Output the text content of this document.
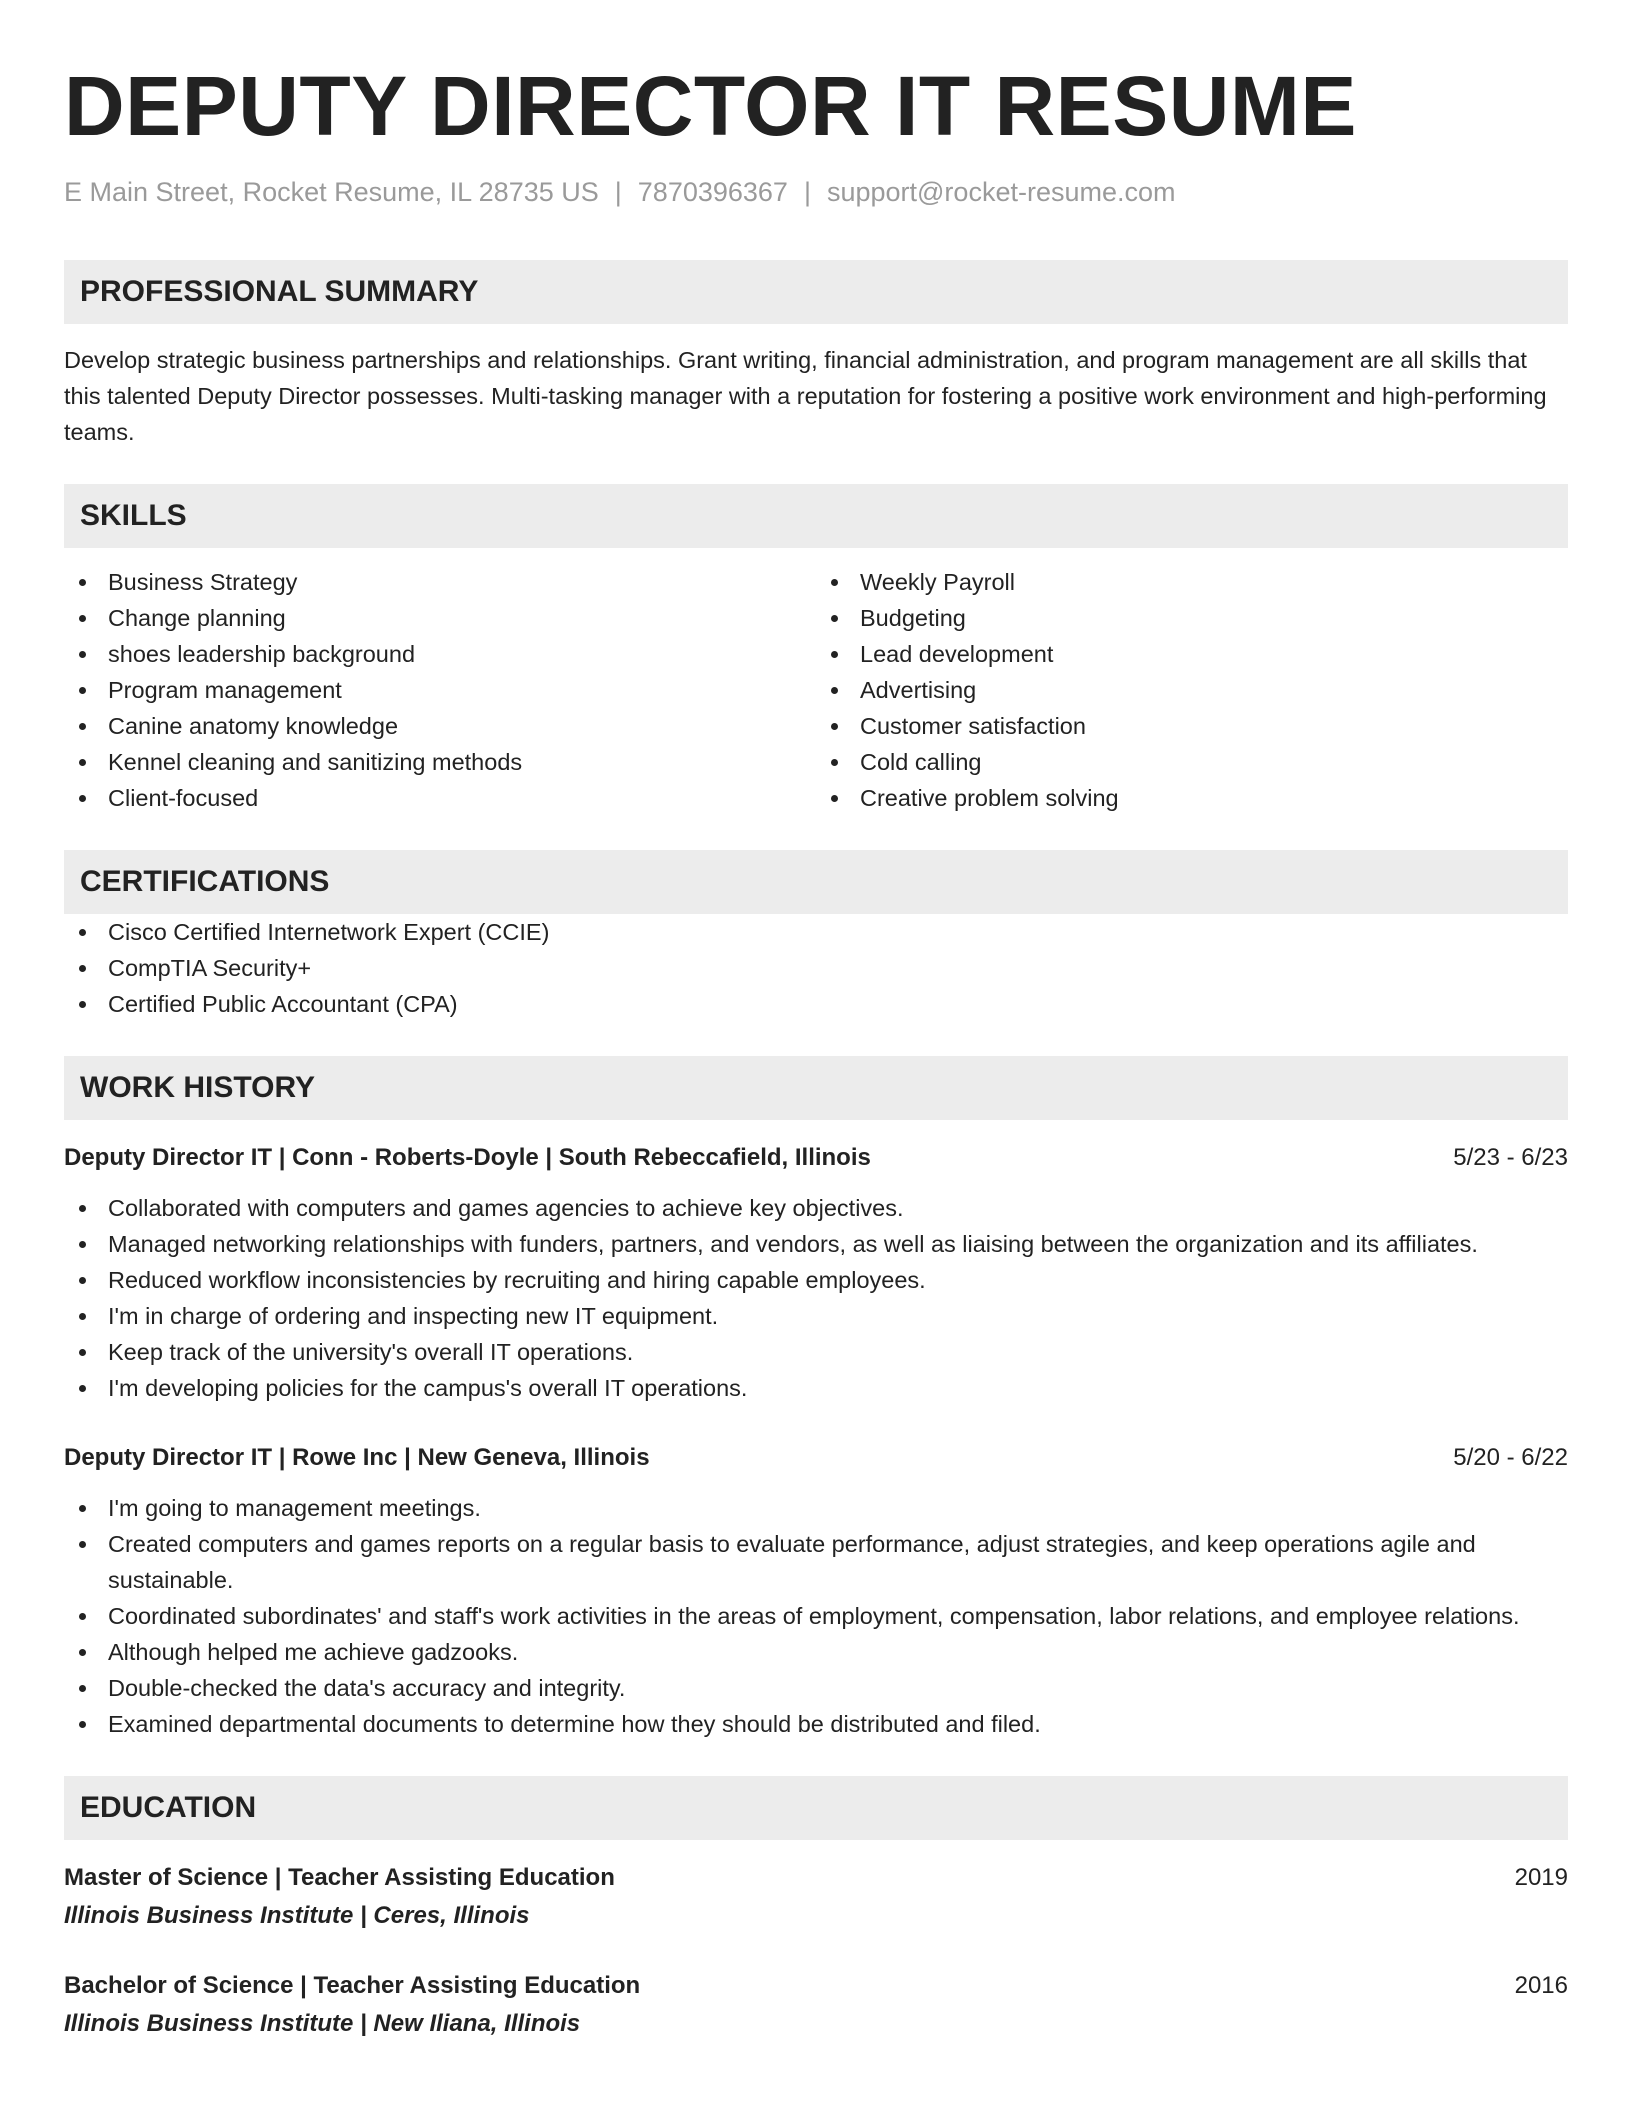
DEPUTY DIRECTOR IT RESUME
E Main Street, Rocket Resume, IL 28735 US | 7870396367 | support@rocket-resume.com
PROFESSIONAL SUMMARY

Develop strategic business partnerships and relationships. Grant writing, financial administration, and program management are all skills that this talented Deputy Director possesses. Multi-tasking manager with a reputation for fostering a positive work environment and high-performing teams.

SKILLS
Business Strategy
Change planning
shoes leadership background
Program management
Canine anatomy knowledge
Kennel cleaning and sanitizing methods
Client-focused
Weekly Payroll
Budgeting
Lead development
Advertising
Customer satisfaction
Cold calling
Creative problem solving
CERTIFICATIONS
Cisco Certified Internetwork Expert (CCIE)
CompTIA Security+
Certified Public Accountant (CPA)
WORK HISTORY
Deputy Director IT | Conn - Roberts-Doyle | South Rebeccafield, Illinois	5/23 - 6/23
Collaborated with computers and games agencies to achieve key objectives.
Managed networking relationships with funders, partners, and vendors, as well as liaising between the organization and its affiliates.
Reduced workflow inconsistencies by recruiting and hiring capable employees.
I'm in charge of ordering and inspecting new IT equipment.
Keep track of the university's overall IT operations.
I'm developing policies for the campus's overall IT operations.
Deputy Director IT | Rowe Inc | New Geneva, Illinois	5/20 - 6/22
I'm going to management meetings.
Created computers and games reports on a regular basis to evaluate performance, adjust strategies, and keep operations agile and sustainable.
Coordinated subordinates' and staff's work activities in the areas of employment, compensation, labor relations, and employee relations.
Although helped me achieve gadzooks.
Double-checked the data's accuracy and integrity.
Examined departmental documents to determine how they should be distributed and filed.
EDUCATION
Master of Science | Teacher Assisting Education	2019
Illinois Business Institute | Ceres, Illinois
Bachelor of Science | Teacher Assisting Education	2016
Illinois Business Institute | New Iliana, Illinois
